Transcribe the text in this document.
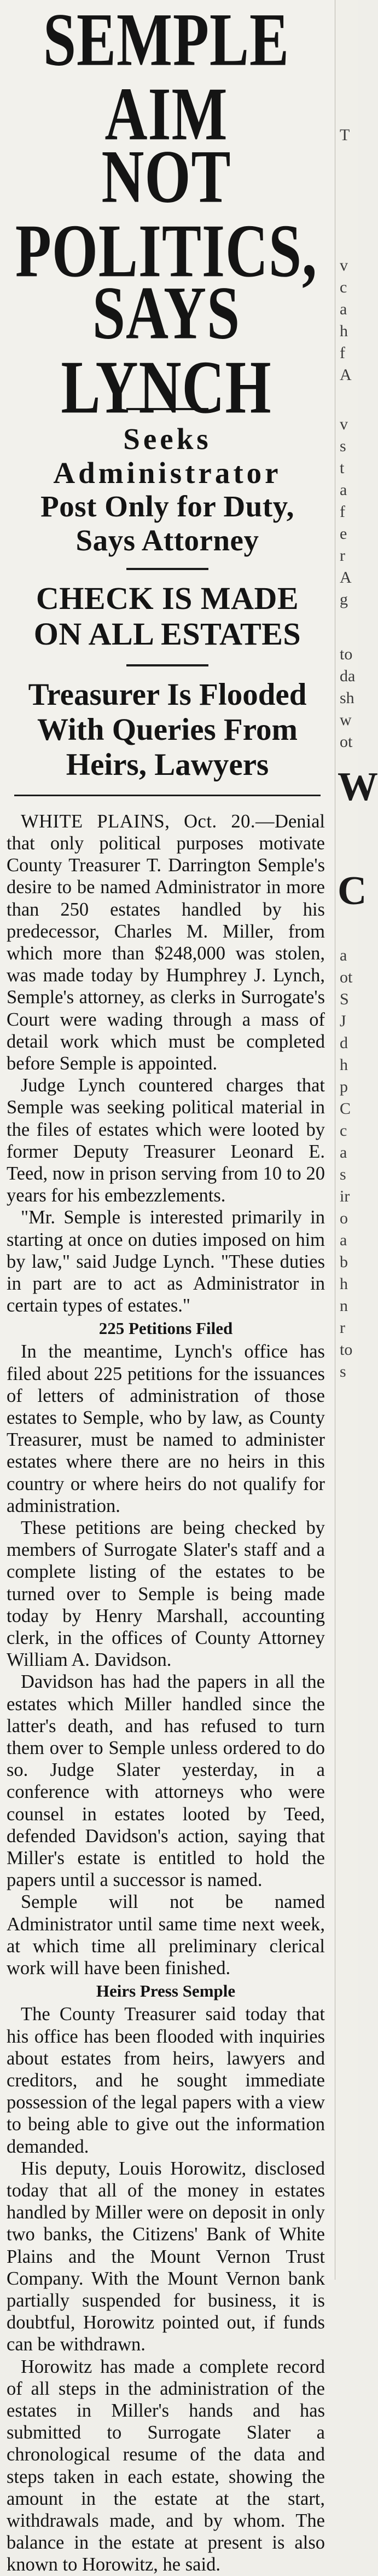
SEMPLE AIM
NOT POLITICS,
SAYS LYNCH
Seeks Administrator
Post Only for Duty,
Says Attorney
CHECK IS MADE
ON ALL ESTATES
Treasurer Is Flooded
With Queries From
Heirs, Lawyers

WHITE PLAINS, Oct. 20.—Denial that only political purposes motivate County Treasurer T. Darrington Semple's desire to be named Administrator in more than 250 estates handled by his predecessor, Charles M. Miller, from which more than $248,000 was stolen, was made today by Humphrey J. Lynch, Semple's attorney, as clerks in Surrogate's Court were wading through a mass of detail work which must be completed before Semple is appointed.

Judge Lynch countered charges that Semple was seeking political material in the files of estates which were looted by former Deputy Treasurer Leonard E. Teed, now in prison serving from 10 to 20 years for his embezzlements.

"Mr. Semple is interested primarily in starting at once on duties imposed on him by law," said Judge Lynch. "These duties in part are to act as Administrator in certain types of estates."

225 Petitions Filed

In the meantime, Lynch's office has filed about 225 petitions for the issuances of letters of administration of those estates to Semple, who by law, as County Treasurer, must be named to administer estates where there are no heirs in this country or where heirs do not qualify for administration.

These petitions are being checked by members of Surrogate Slater's staff and a complete listing of the estates to be turned over to Semple is being made today by Henry Marshall, accounting clerk, in the offices of County Attorney William A. Davidson.

Davidson has had the papers in all the estates which Miller handled since the latter's death, and has refused to turn them over to Semple unless ordered to do so. Judge Slater yesterday, in a conference with attorneys who were counsel in estates looted by Teed, defended Davidson's action, saying that Miller's estate is entitled to hold the papers until a successor is named.

Semple will not be named Administrator until same time next week, at which time all preliminary clerical work will have been finished.

Heirs Press Semple

The County Treasurer said today that his office has been flooded with inquiries about estates from heirs, lawyers and creditors, and he sought immediate possession of the legal papers with a view to being able to give out the information demanded.

His deputy, Louis Horowitz, disclosed today that all of the money in estates handled by Miller were on deposit in only two banks, the Citizens' Bank of White Plains and the Mount Vernon Trust Company. With the Mount Vernon bank partially suspended for business, it is doubtful, Horowitz pointed out, if funds can be withdrawn.

Horowitz has made a complete record of all steps in the administration of the estates in Miller's hands and has submitted to Surrogate Slater a chronological resume of the data and steps taken in each estate, showing the amount in the estate at the start, withdrawals made, and by whom. The balance in the estate at present is also known to Horowitz, he said.

T
v
c
a
h
f
A
v
s
t
a
f
e
r
A
g
to
da
sh
w
ot
W
C
a
ot
S
J
d
h
p
C
c
a
s
ir
o
a
b
h
n
r
to
s
